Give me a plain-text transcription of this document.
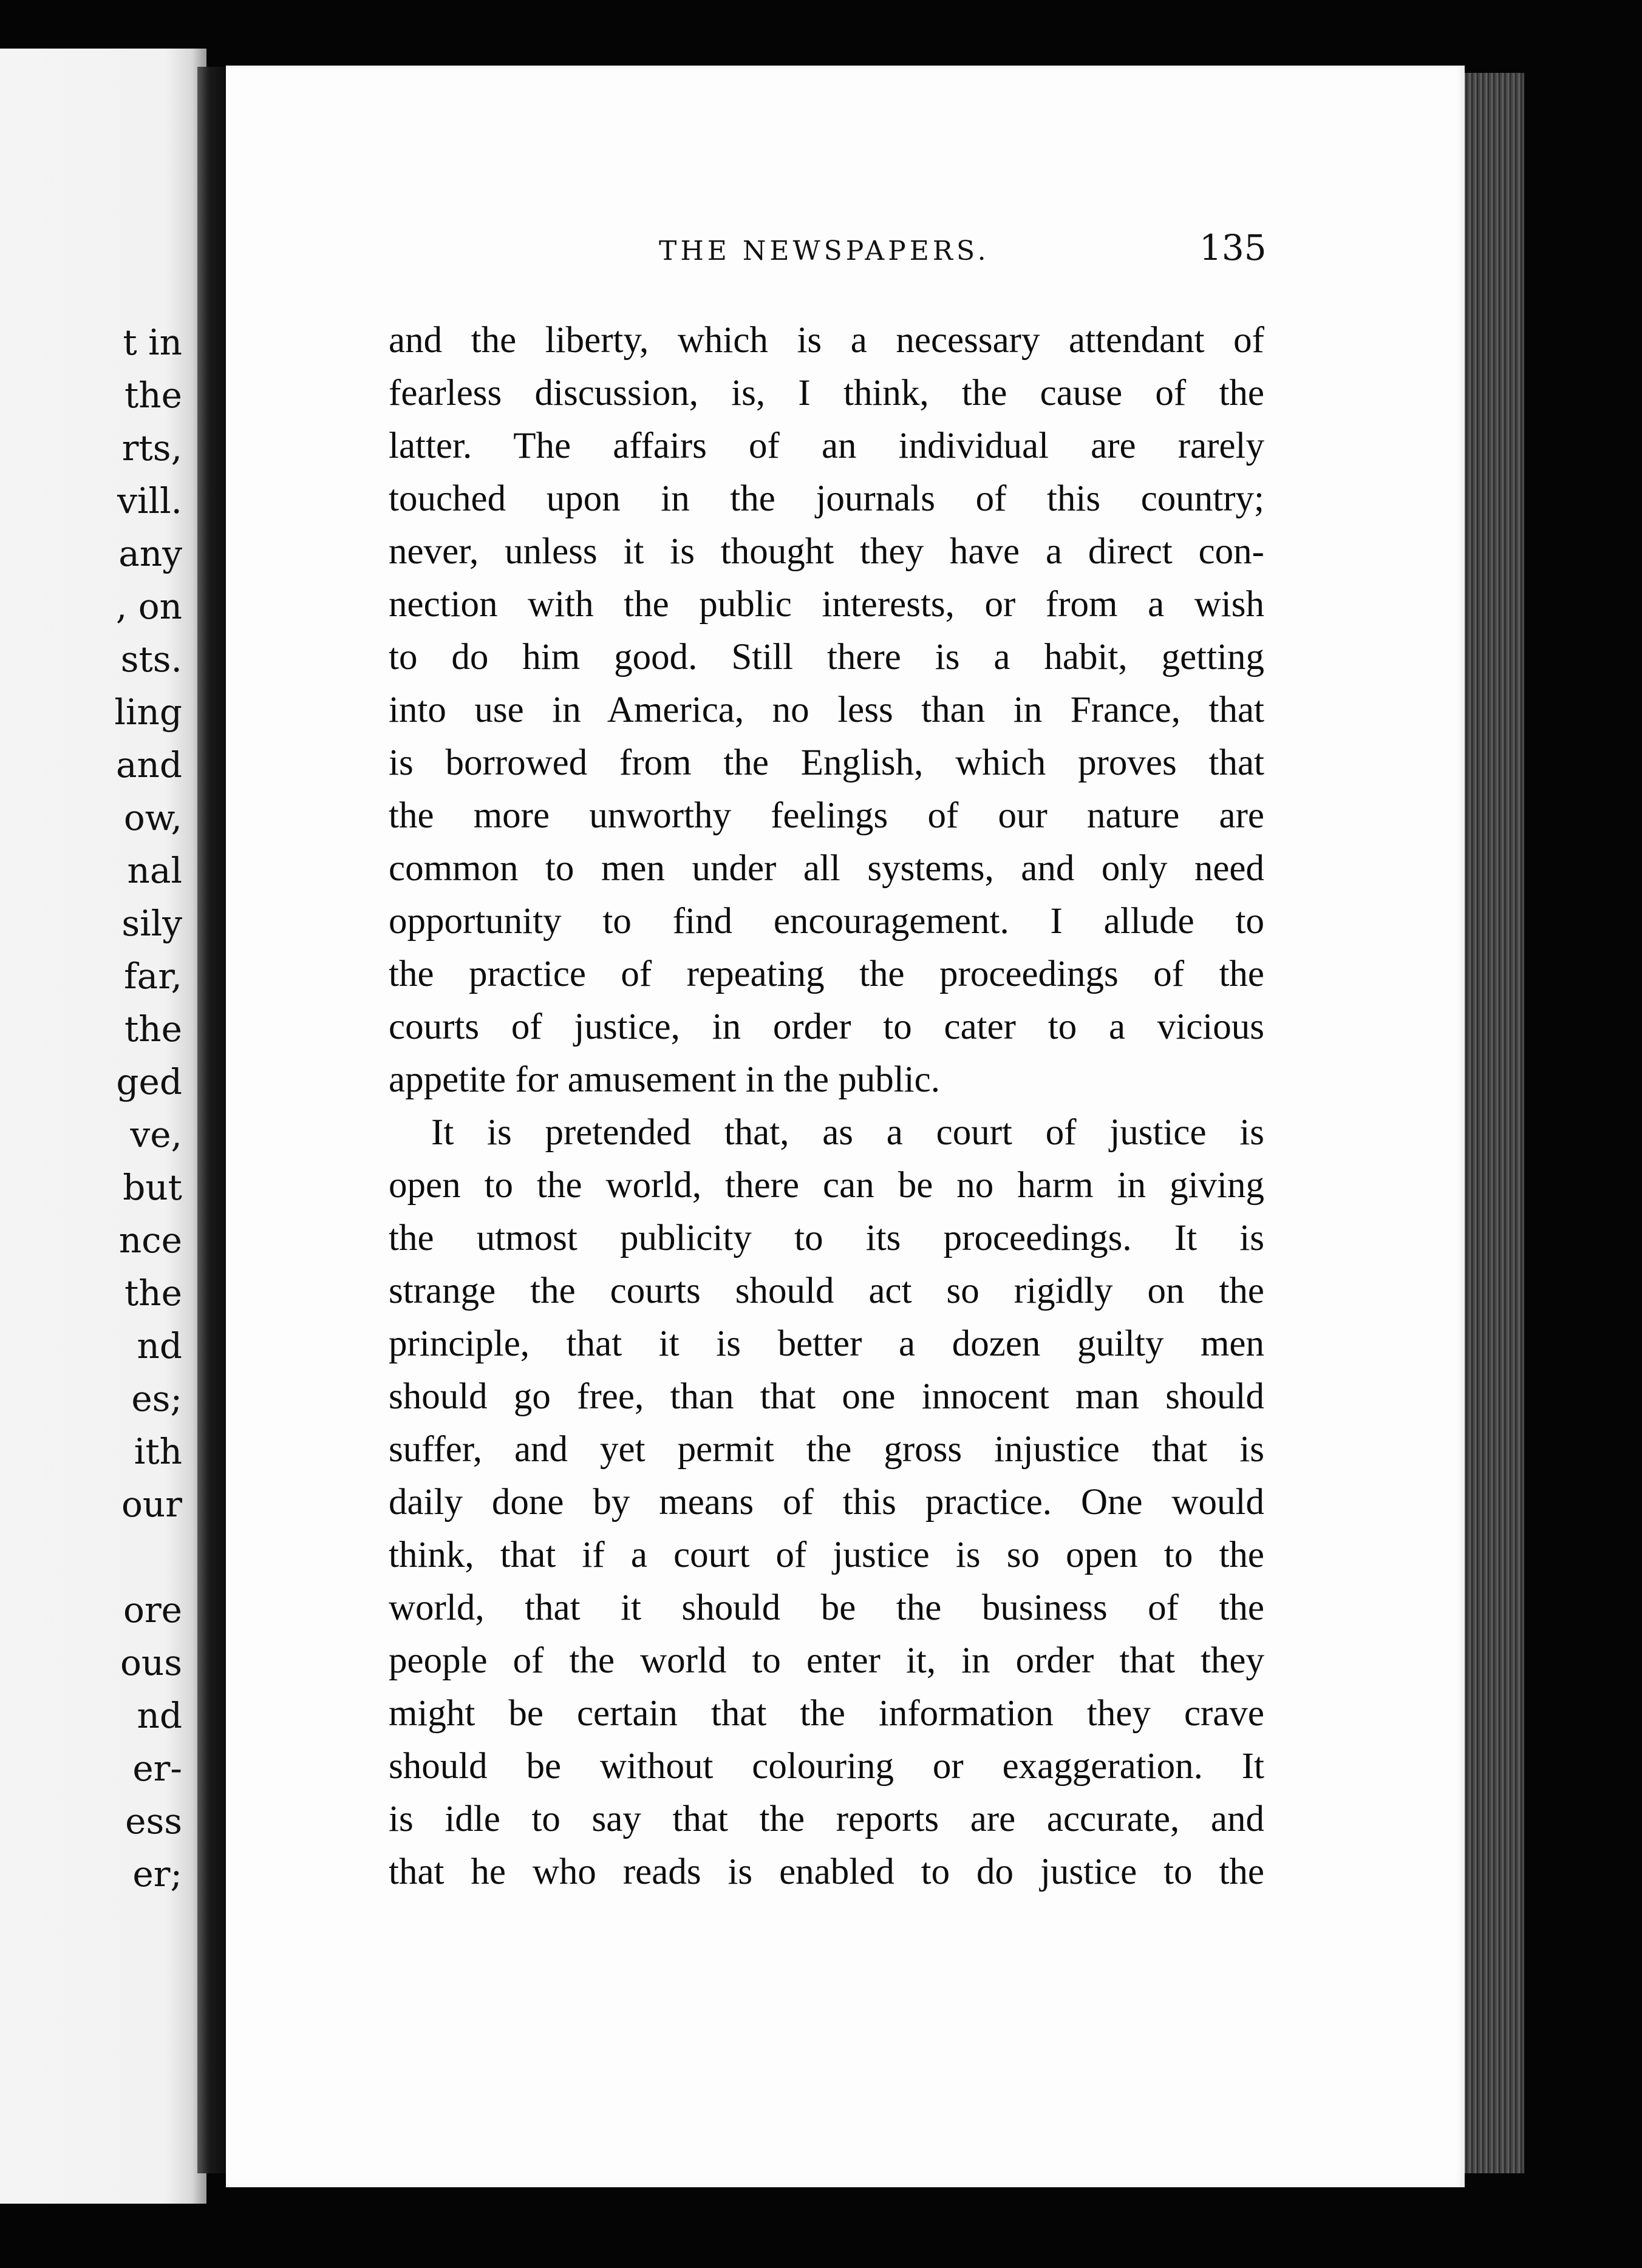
t in
the
rts,
vill.
any
, on
sts.
ling
and
ow,
nal
sily
far,
the
ged
ve,
but
nce
the
nd
es;
ith
our
ore
ous
nd
er-
ess
er;
THE NEWSPAPERS.	135
and the liberty, which is a necessary attendant of
fearless discussion, is, I think, the cause of the
latter. The affairs of an individual are rarely
touched upon in the journals of this country;
never, unless it is thought they have a direct con-
nection with the public interests, or from a wish
to do him good. Still there is a habit, getting
into use in America, no less than in France, that
is borrowed from the English, which proves that
the more unworthy feelings of our nature are
common to men under all systems, and only need
opportunity to find encouragement. I allude to
the practice of repeating the proceedings of the
courts of justice, in order to cater to a vicious
appetite for amusement in the public.
It is pretended that, as a court of justice is
open to the world, there can be no harm in giving
the utmost publicity to its proceedings. It is
strange the courts should act so rigidly on the
principle, that it is better a dozen guilty men
should go free, than that one innocent man should
suffer, and yet permit the gross injustice that is
daily done by means of this practice. One would
think, that if a court of justice is so open to the
world, that it should be the business of the
people of the world to enter it, in order that they
might be certain that the information they crave
should be without colouring or exaggeration. It
is idle to say that the reports are accurate, and
that he who reads is enabled to do justice to the
